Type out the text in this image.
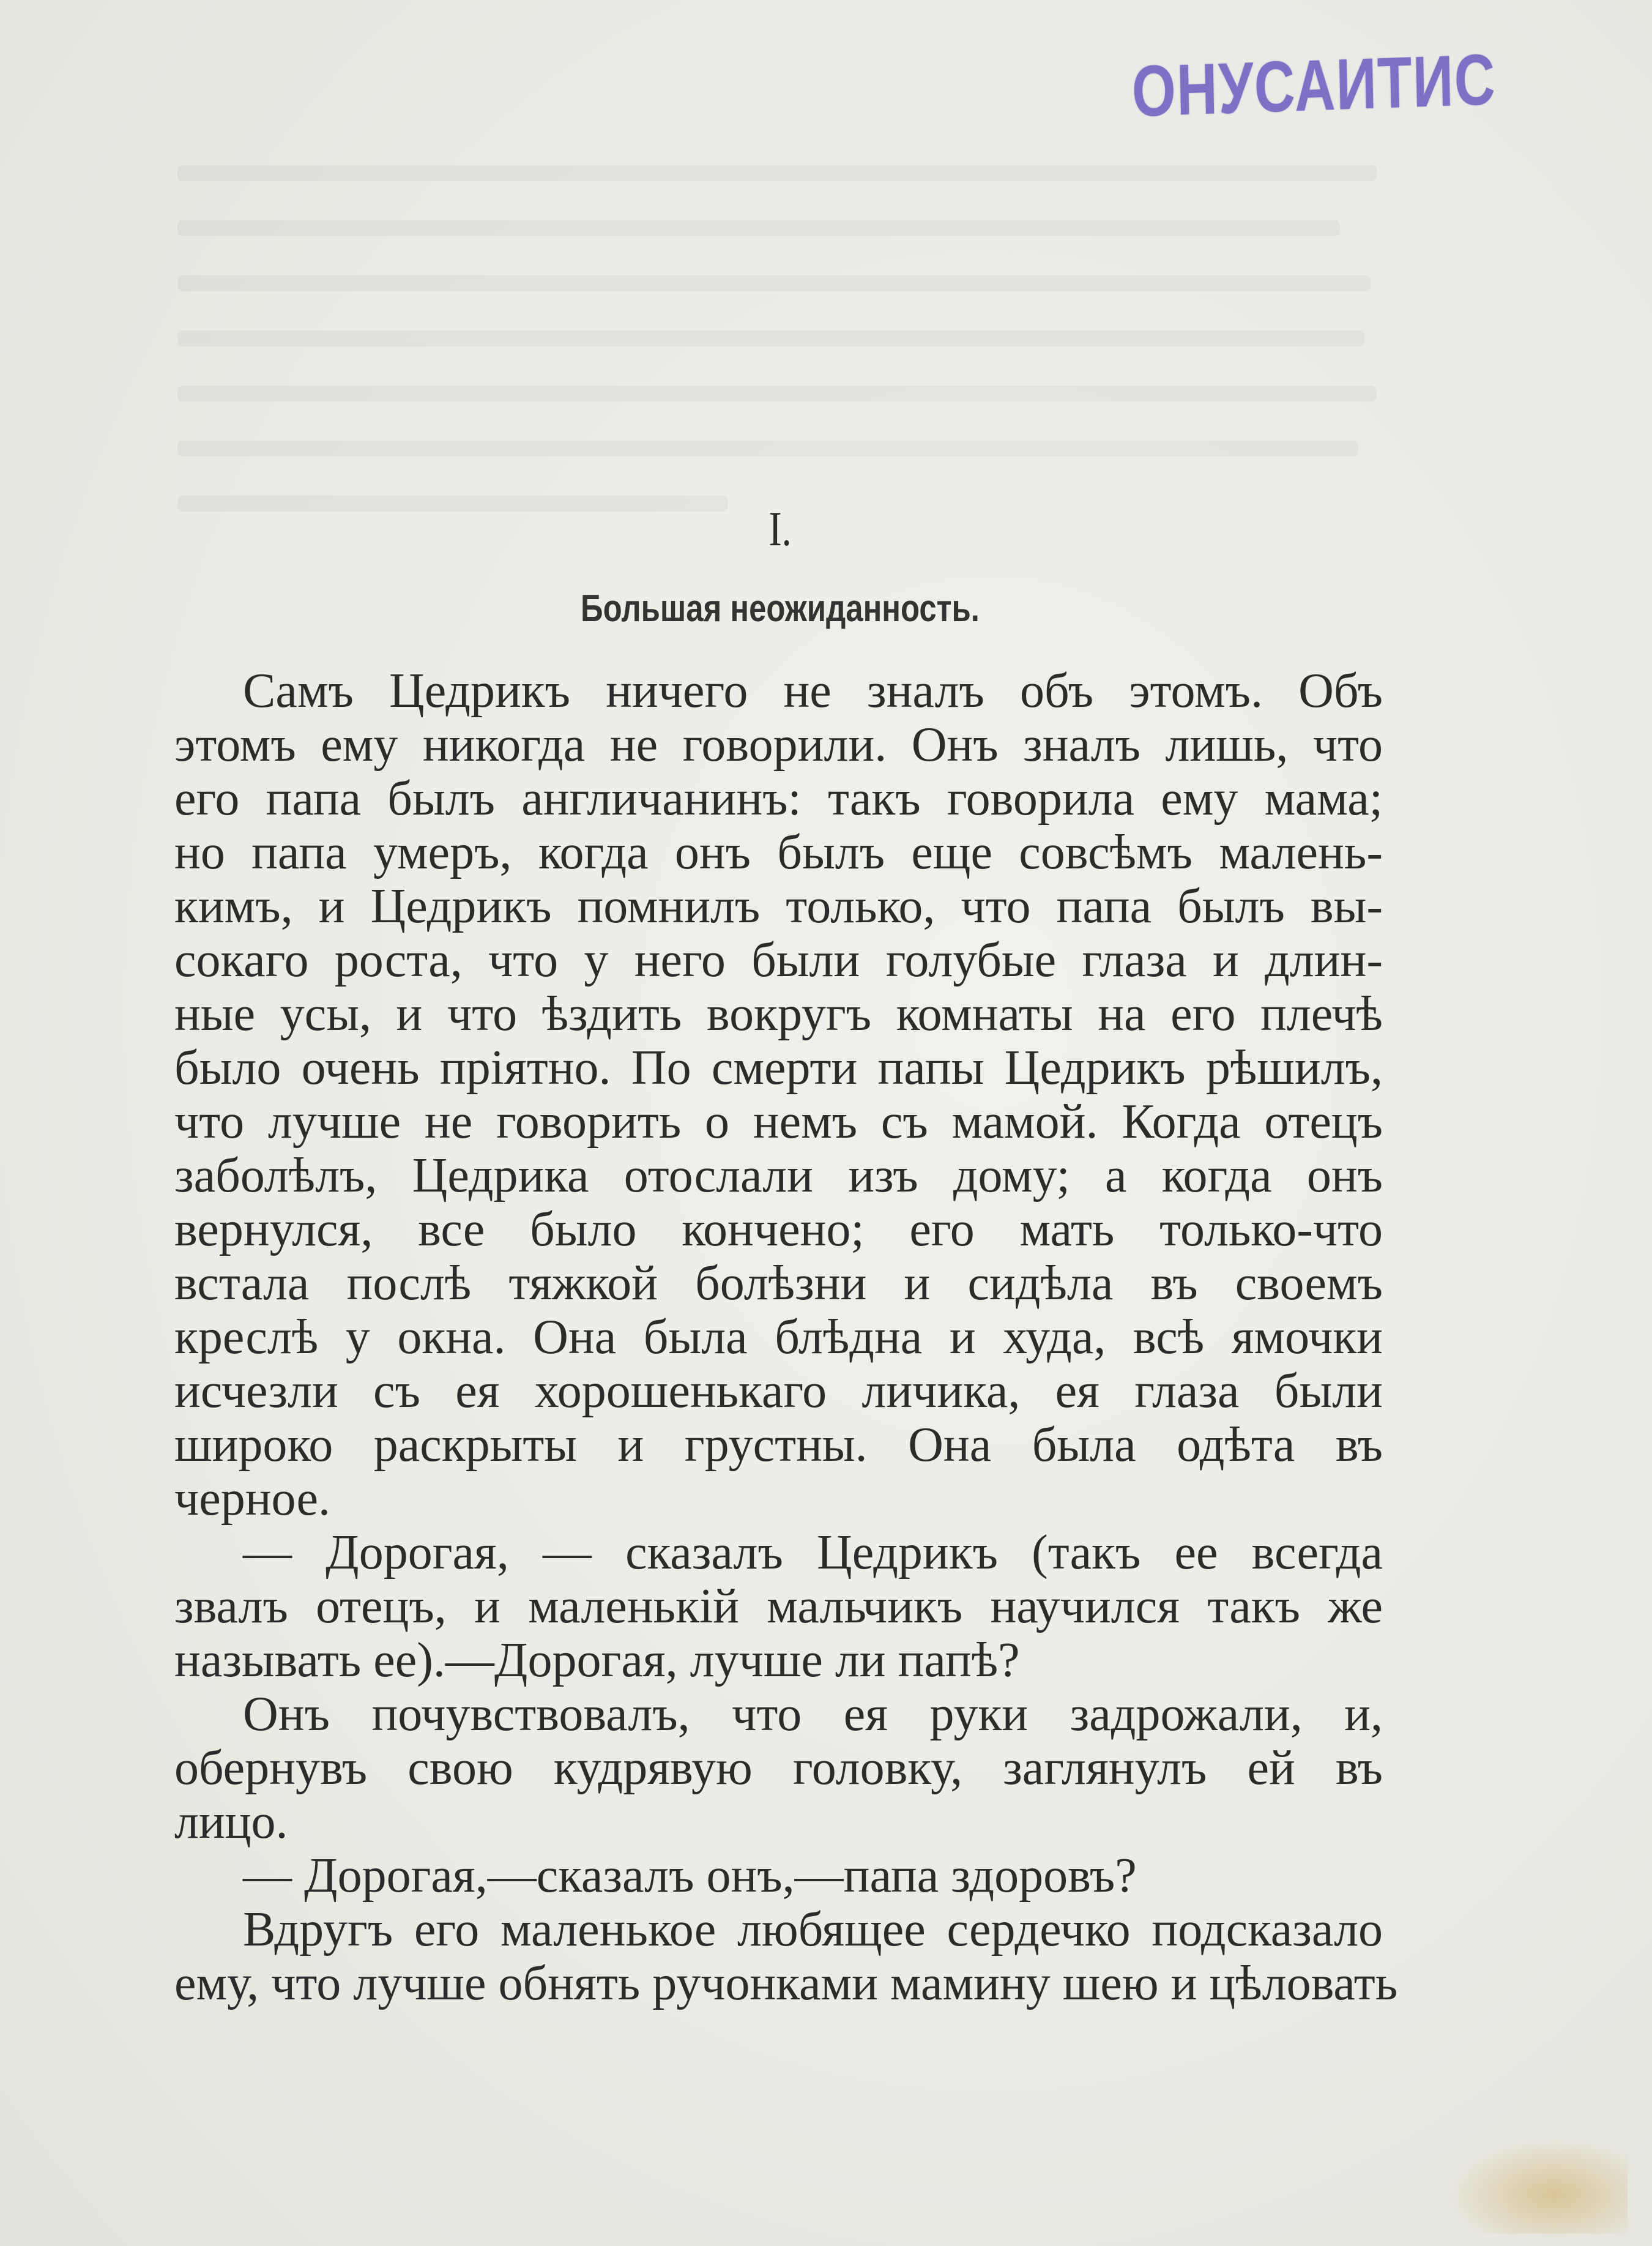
ОНУСАИТИС
I.
Большая неожиданность.
Самъ Цедрикъ ничего не зналъ объ этомъ. Объ
этомъ ему никогда не говорили. Онъ зналъ лишь, что
его папа былъ англичанинъ: такъ говорила ему мама;
но папа умеръ, когда онъ былъ еще совсѣмъ малень-
кимъ, и Цедрикъ помнилъ только, что папа былъ вы-
сокаго роста, что у него были голубые глаза и длин-
ные усы, и что ѣздить вокругъ комнаты на его плечѣ
было очень пріятно. По смерти папы Цедрикъ рѣшилъ,
что лучше не говорить о немъ съ мамой. Когда отецъ
заболѣлъ, Цедрика отослали изъ дому; а когда онъ
вернулся, все было кончено; его мать только-что
встала послѣ тяжкой болѣзни и сидѣла въ своемъ
креслѣ у окна. Она была блѣдна и худа, всѣ ямочки
исчезли съ ея хорошенькаго личика, ея глаза были
широко раскрыты и грустны. Она была одѣта въ
черное.
— Дорогая, — сказалъ Цедрикъ (такъ ее всегда
звалъ отецъ, и маленькій мальчикъ научился такъ же
называть ее).—Дорогая, лучше ли папѣ?
Онъ почувствовалъ, что ея руки задрожали, и,
обернувъ свою кудрявую головку, заглянулъ ей въ
лицо.
— Дорогая,—сказалъ онъ,—папа здоровъ?
Вдругъ его маленькое любящее сердечко подсказало
ему, что лучше обнять ручонками мамину шею и цѣловать
